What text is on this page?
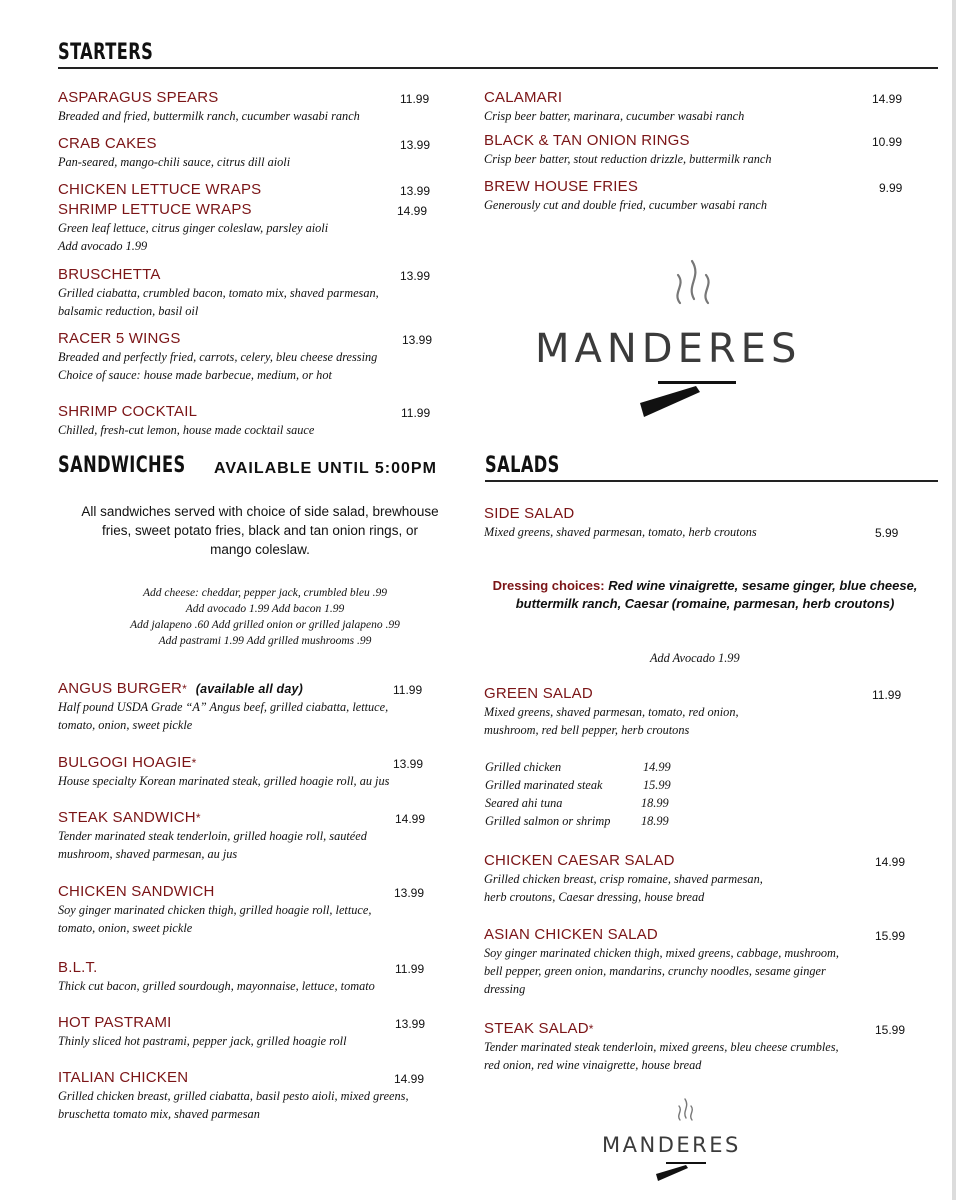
STARTERS
ASPARAGUS SPEARS
Breaded and fried, buttermilk ranch, cucumber wasabi ranch
11.99
CRAB CAKES
Pan-seared, mango-chili sauce, citrus dill aioli
13.99
CHICKEN LETTUCE WRAPS	13.99
SHRIMP LETTUCE WRAPS
Green leaf lettuce, citrus ginger coleslaw, parsley aioli
Add avocado 1.99
14.99
BRUSCHETTA
Grilled ciabatta, crumbled bacon, tomato mix, shaved parmesan,
balsamic reduction, basil oil
13.99
RACER 5 WINGS
Breaded and perfectly fried, carrots, celery, bleu cheese dressing
Choice of sauce: house made barbecue, medium, or hot
13.99
SHRIMP COCKTAIL
Chilled, fresh-cut lemon, house made cocktail sauce
11.99
CALAMARI
Crisp beer batter, marinara, cucumber wasabi ranch
14.99
BLACK & TAN ONION RINGS
Crisp beer batter, stout reduction drizzle, buttermilk ranch
10.99
BREW HOUSE FRIES
Generously cut and double fried, cucumber wasabi ranch
9.99
MANDERES
SANDWICHES AVAILABLE UNTIL 5:00PM SALADS
All sandwiches served with choice of side salad, brewhouse
fries, sweet potato fries, black and tan onion rings, or
mango coleslaw.
Add cheese: cheddar, pepper jack, crumbled bleu .99
Add avocado 1.99 Add bacon 1.99
Add jalapeno .60 Add grilled onion or grilled jalapeno .99
Add pastrami 1.99 Add grilled mushrooms .99
ANGUS BURGER* (available all day)
Half pound USDA Grade “A” Angus beef, grilled ciabatta, lettuce,
tomato, onion, sweet pickle
11.99
BULGOGI HOAGIE*
House specialty Korean marinated steak, grilled hoagie roll, au jus
13.99
STEAK SANDWICH*
Tender marinated steak tenderloin, grilled hoagie roll, sautéed
mushroom, shaved parmesan, au jus
14.99
CHICKEN SANDWICH
Soy ginger marinated chicken thigh, grilled hoagie roll, lettuce,
tomato, onion, sweet pickle
13.99
B.L.T.
Thick cut bacon, grilled sourdough, mayonnaise, lettuce, tomato
11.99
HOT PASTRAMI
Thinly sliced hot pastrami, pepper jack, grilled hoagie roll
13.99
ITALIAN CHICKEN
Grilled chicken breast, grilled ciabatta, basil pesto aioli, mixed greens,
bruschetta tomato mix, shaved parmesan
14.99
SIDE SALAD
Mixed greens, shaved parmesan, tomato, herb croutons	5.99
Dressing choices: Red wine vinaigrette, sesame ginger, blue cheese, buttermilk ranch, Caesar (romaine, parmesan, herb croutons)
Add Avocado 1.99
GREEN SALAD
Mixed greens, shaved parmesan, tomato, red onion,
mushroom, red bell pepper, herb croutons
11.99
Grilled chicken	14.99
Grilled marinated steak	15.99
Seared ahi tuna	18.99
Grilled salmon or shrimp 18.99
CHICKEN CAESAR SALAD
Grilled chicken breast, crisp romaine, shaved parmesan,
herb croutons, Caesar dressing, house bread
14.99
ASIAN CHICKEN SALAD
Soy ginger marinated chicken thigh, mixed greens, cabbage, mushroom,
bell pepper, green onion, mandarins, crunchy noodles, sesame ginger
dressing
15.99
STEAK SALAD*
Tender marinated steak tenderloin, mixed greens, bleu cheese crumbles,
red onion, red wine vinaigrette, house bread
15.99
MANDERES
